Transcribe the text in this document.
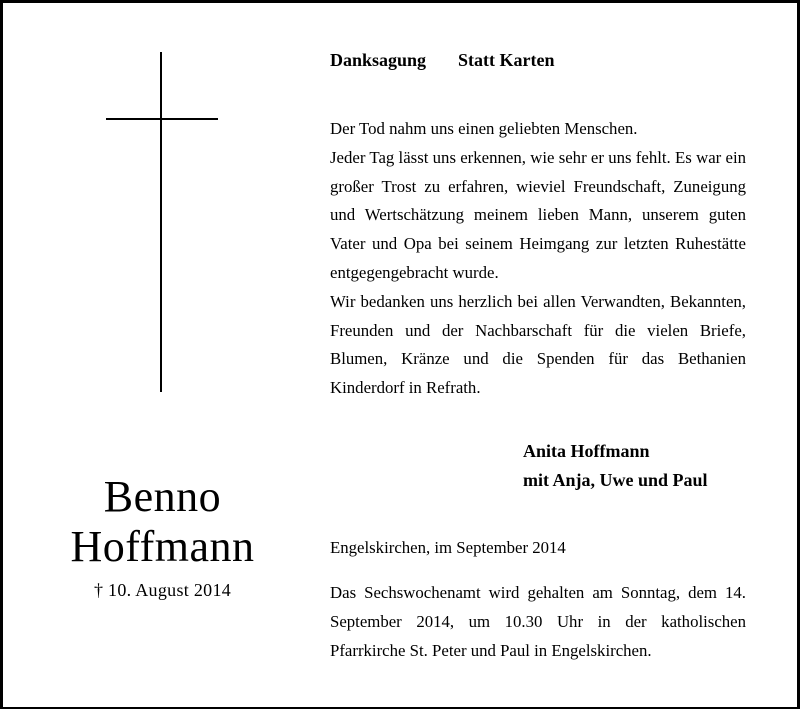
Benno
Hoffmann
† 10. August 2014
Danksagung Statt Karten

Der Tod nahm uns einen geliebten Menschen.

Jeder Tag lässt uns erkennen, wie sehr er uns fehlt. Es war ein großer Trost zu erfahren, wieviel Freundschaft, Zuneigung und Wertschätzung meinem lieben Mann, unserem guten Vater und Opa bei seinem Heimgang zur letzten Ruhestätte entgegengebracht wurde.

Wir bedanken uns herzlich bei allen Verwandten, Bekannten, Freunden und der Nachbarschaft für die vielen Briefe, Blumen, Kränze und die Spenden für das Bethanien Kinderdorf in Refrath.

Anita Hoffmann
mit Anja, Uwe und Paul
Engelskirchen, im September 2014
Das Sechswochenamt wird gehalten am Sonntag, dem 14. September 2014, um 10.30 Uhr in der katholischen Pfarrkirche St. Peter und Paul in Engelskirchen.
